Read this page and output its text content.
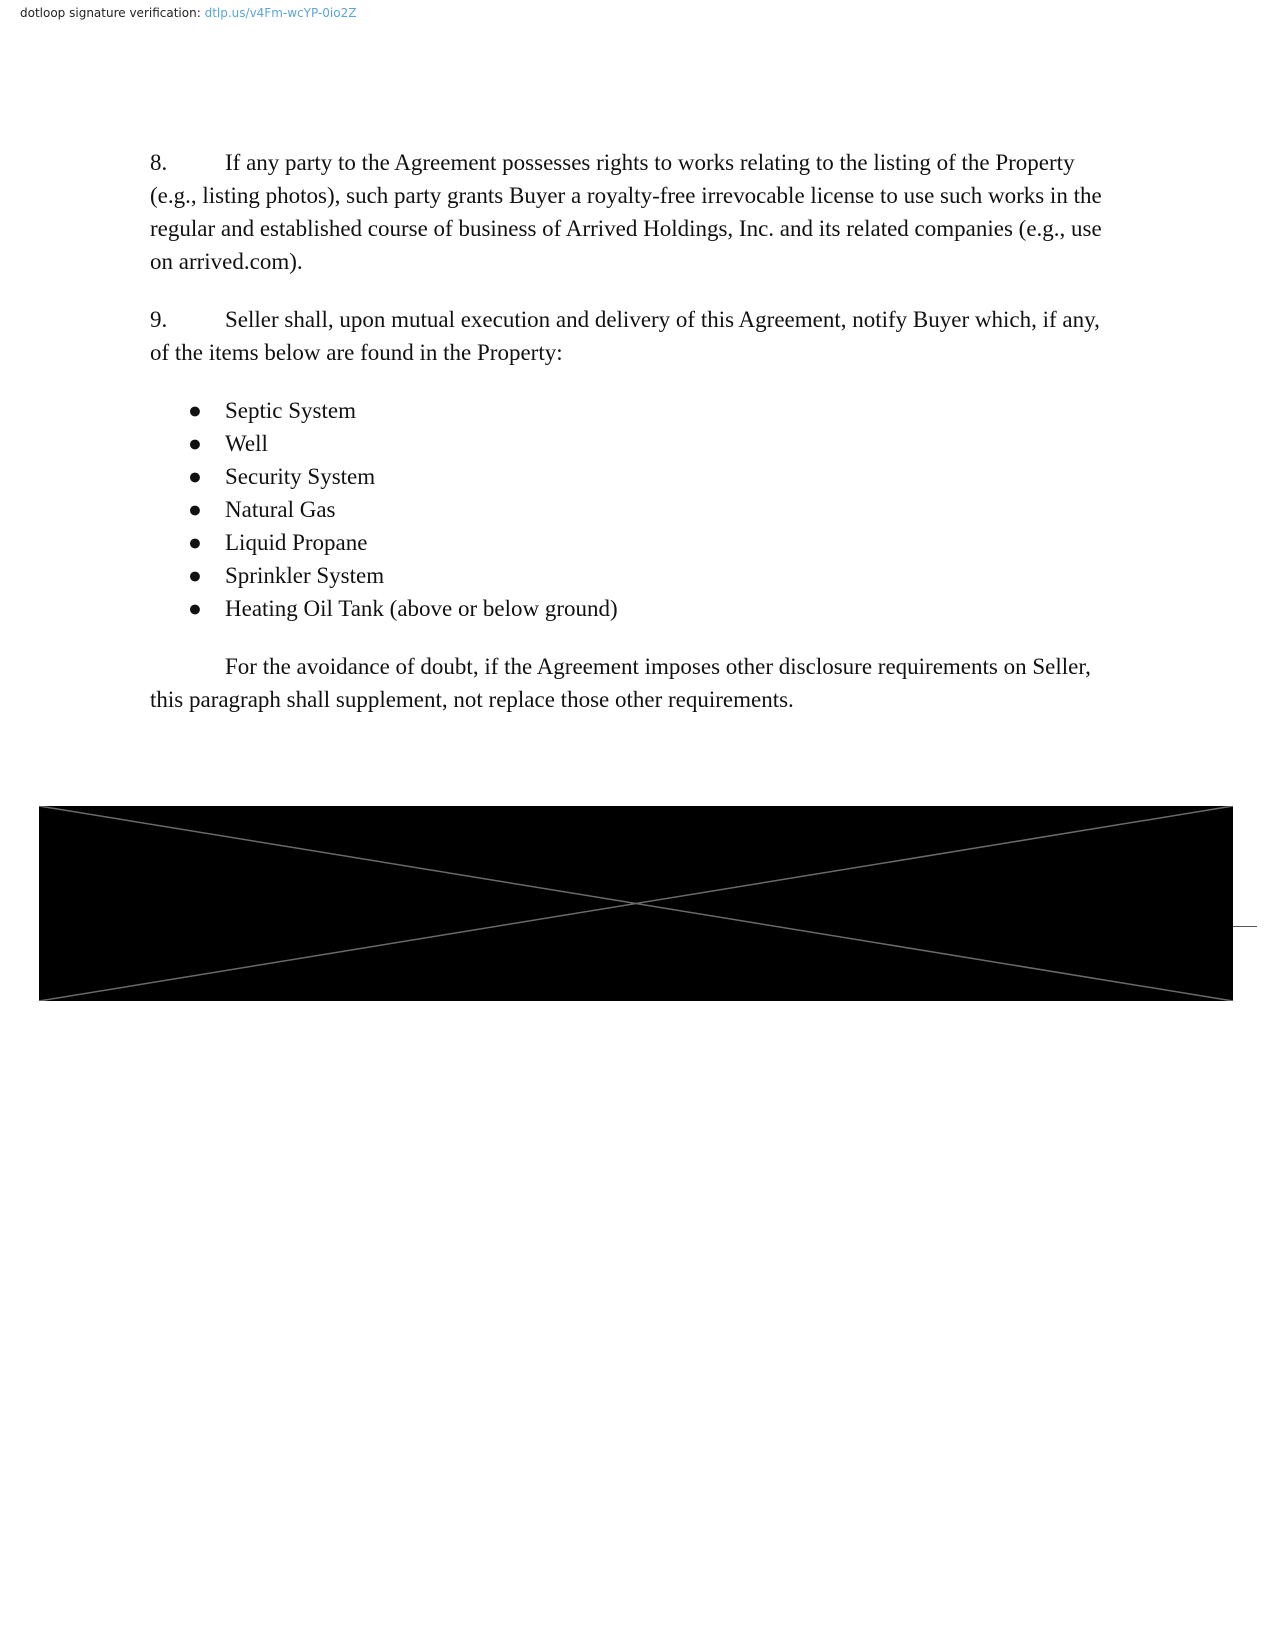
dotloop signature verification: dtlp.us/v4Fm-wcYP-0io2Z

8.	If any party to the Agreement possesses rights to works relating to the listing of the Property (e.g., listing photos), such party grants Buyer a royalty-free irrevocable license to use such works in the regular and established course of business of Arrived Holdings, Inc. and its related companies (e.g., use on arrived.com).

9.	Seller shall, upon mutual execution and delivery of this Agreement, notify Buyer which, if any, of the items below are found in the Property:

● Septic System
● Well
● Security System
● Natural Gas
● Liquid Propane
● Sprinkler System
● Heating Oil Tank (above or below ground)

For the avoidance of doubt, if the Agreement imposes other disclosure requirements on Seller, this paragraph shall supplement, not replace those other requirements.
